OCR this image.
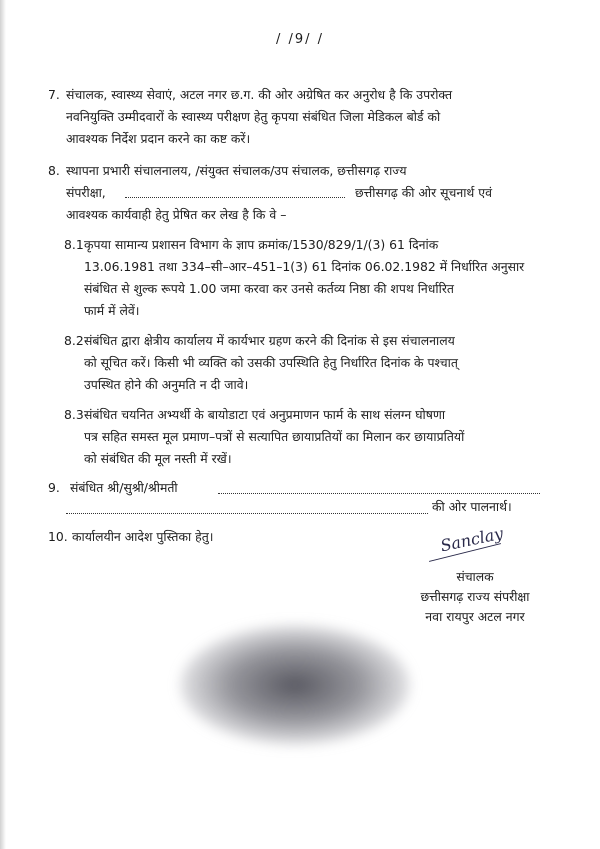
/ /9/ /
7. संचालक, स्वास्थ्य सेवाएं, अटल नगर छ.ग. की ओर अग्रेषित कर अनुरोध है कि उपरोक्त
नवनियुक्ति उम्मीदवारों के स्वास्थ्य परीक्षण हेतु कृपया संबंधित जिला मेडिकल बोर्ड को
आवश्यक निर्देश प्रदान करने का कष्ट करें।
8. स्थापना प्रभारी संचालनालय, /संयुक्त संचालक/उप संचालक, छत्तीसगढ़ राज्य
संपरीक्षा,	छत्तीसगढ़ की ओर सूचनार्थ एवं
आवश्यक कार्यवाही हेतु प्रेषित कर लेख है कि वे –
8.1 कृपया सामान्य प्रशासन विभाग के ज्ञाप क्रमांक/1530/829/1/(3) 61 दिनांक
13.06.1981 तथा 334–सी–आर–451–1(3) 61 दिनांक 06.02.1982 में निर्धारित अनुसार
संबंधित से शुल्क रूपये 1.00 जमा करवा कर उनसे कर्तव्य निष्ठा की शपथ निर्धारित
फार्म में लेवें।
8.2 संबंधित द्वारा क्षेत्रीय कार्यालय में कार्यभार ग्रहण करने की दिनांक से इस संचालनालय
को सूचित करें। किसी भी व्यक्ति को उसकी उपस्थिति हेतु निर्धारित दिनांक के पश्चात्
उपस्थित होने की अनुमति न दी जावे।
8.3 संबंधित चयनित अभ्यर्थी के बायोडाटा एवं अनुप्रमाणन फार्म के साथ संलग्न घोषणा
पत्र सहित समस्त मूल प्रमाण–पत्रों से सत्यापित छायाप्रतियों का मिलान कर छायाप्रतियों
को संबंधित की मूल नस्ती में रखें।
9. संबंधित श्री/सुश्री/श्रीमती
की ओर पालनार्थ।
10. कार्यालयीन आदेश पुस्तिका हेतु।	Sanclay
संचालक
छत्तीसगढ़ राज्य संपरीक्षा
नवा रायपुर अटल नगर
